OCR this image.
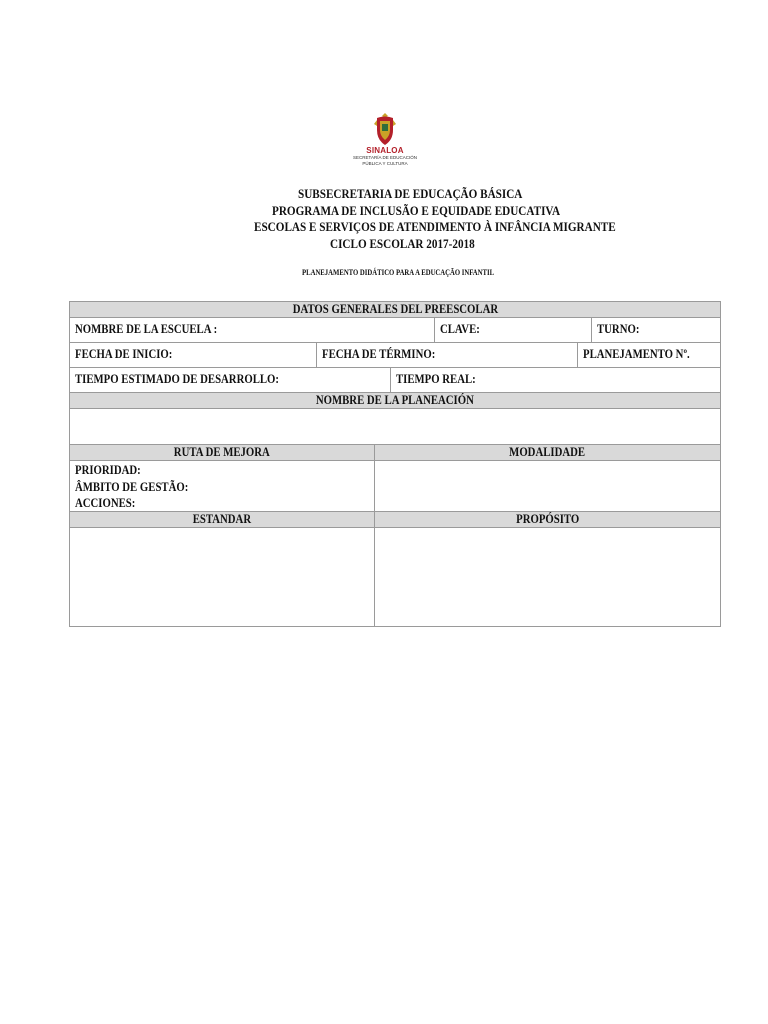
SINALOA
SECRETARÍA DE EDUCACIÓN
PÚBLICA Y CULTURA
SUBSECRETARIA DE EDUCAÇÃO BÁSICA
PROGRAMA DE INCLUSÃO E EQUIDADE EDUCATIVA
ESCOLAS E SERVIÇOS DE ATENDIMENTO À INFÂNCIA MIGRANTE
CICLO ESCOLAR 2017-2018
PLANEJAMENTO DIDÁTICO PARA A EDUCAÇÃO INFANTIL
DATOS GENERALES DEL PREESCOLAR
NOMBRE DE LA ESCUELA :	CLAVE:	TURNO:
FECHA DE INICIO:	FECHA DE TÉRMINO:	PLANEJAMENTO Nº.
TIEMPO ESTIMADO DE DESARROLLO:	TIEMPO REAL:
NOMBRE DE LA PLANEACIÓN
RUTA DE MEJORA	MODALIDADE
PRIORIDAD:
ÂMBITO DE GESTÃO:
ACCIONES:
ESTANDAR	PROPÓSITO
